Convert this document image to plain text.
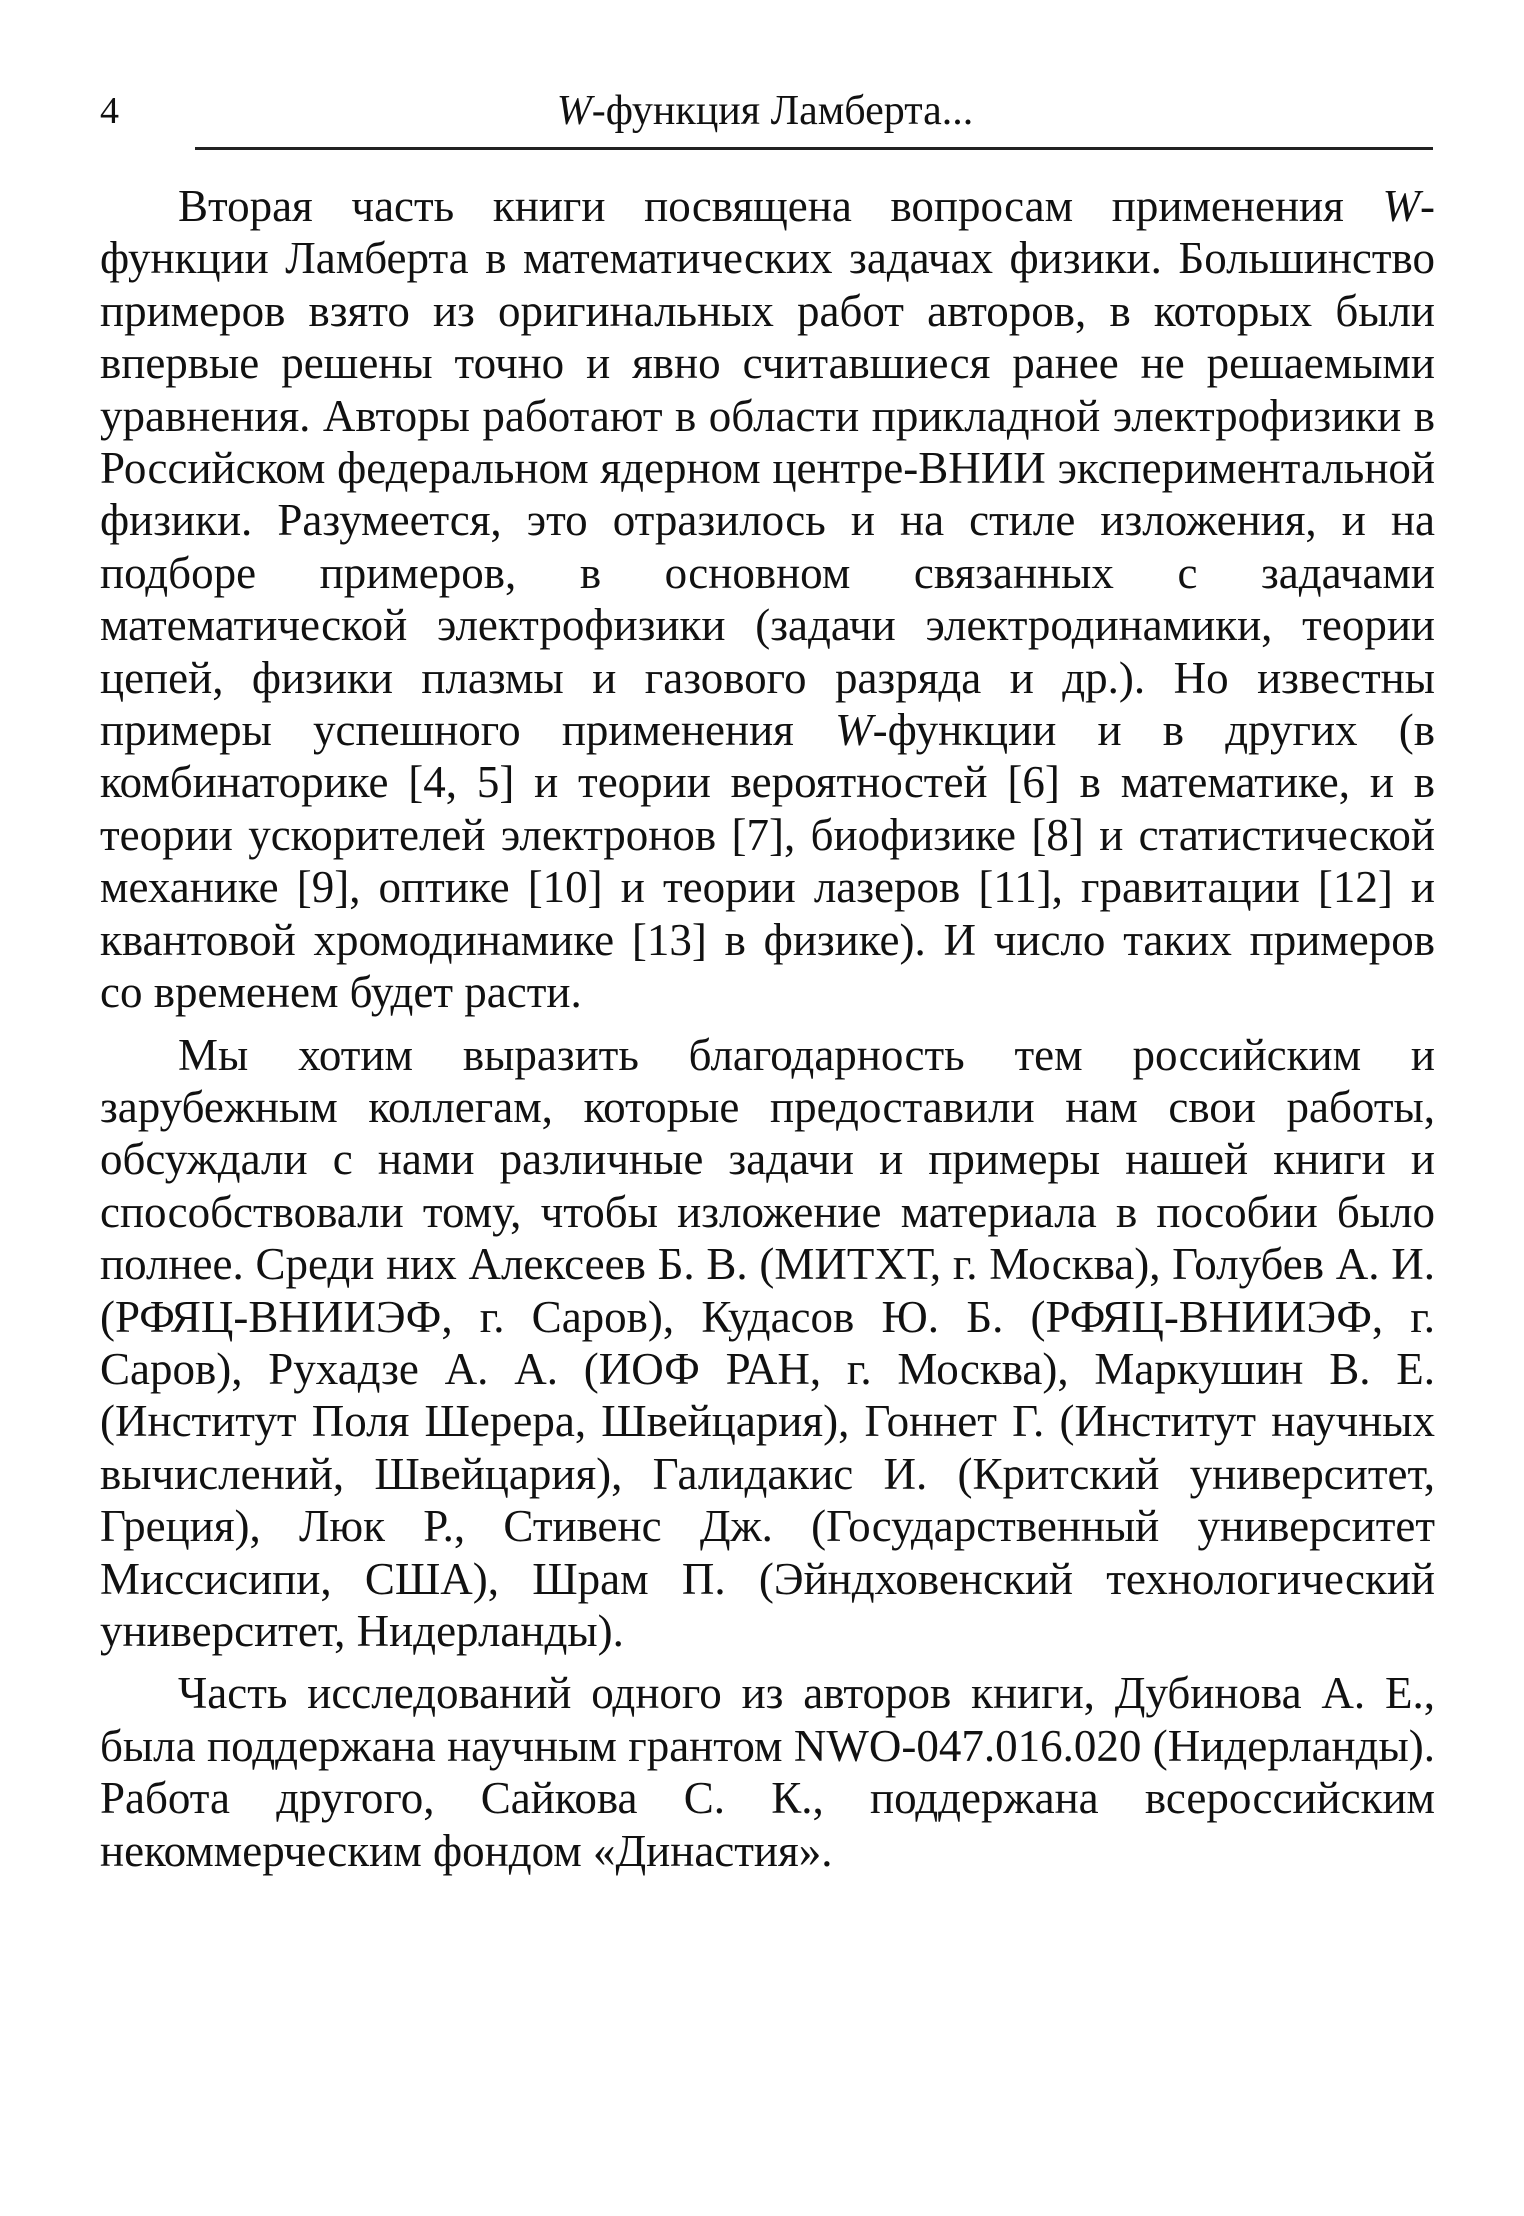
4	W-функция Ламберта...

Вторая часть книги посвящена вопросам применения W-функции Ламберта в математических задачах физики. Большинство примеров взято из оригинальных работ авторов, в которых были впервые решены точно и явно считавшиеся ранее не решаемыми уравнения. Авторы работают в области прикладной электрофизики в Российском федеральном ядерном центре-ВНИИ экспериментальной физики. Разумеется, это отразилось и на стиле изложения, и на подборе примеров, в основном связанных с задачами математической электрофизики (задачи электродинамики, теории цепей, физики плазмы и газового разряда и др.). Но известны примеры успешного применения W-функции и в других (в комбинаторике [4, 5] и теории вероятностей [6] в математике, и в теории ускорителей электронов [7], биофизике [8] и статистической механике [9], оптике [10] и теории лазеров [11], гравитации [12] и квантовой хромодинамике [13] в физике). И число таких примеров со временем будет расти.

Мы хотим выразить благодарность тем российским и зарубежным коллегам, которые предоставили нам свои работы, обсуждали с нами различные задачи и примеры нашей книги и способствовали тому, чтобы изложение материала в пособии было полнее. Среди них Алексеев Б. В. (МИТХТ, г. Москва), Голубев А. И. (РФЯЦ-ВНИИЭФ, г. Саров), Кудасов Ю. Б. (РФЯЦ-ВНИИЭФ, г. Саров), Рухадзе А. А. (ИОФ РАН, г. Москва), Маркушин В. Е. (Институт Поля Шерера, Швейцария), Гоннет Г. (Институт научных вычислений, Швейцария), Галидакис И. (Критский университет, Греция), Люк Р., Стивенс Дж. (Государственный университет Миссисипи, США), Шрам П. (Эйндховенский технологический университет, Нидерланды).

Часть исследований одного из авторов книги, Дубинова А. Е., была поддержана научным грантом NWO-047.016.020 (Нидерланды). Работа другого, Сайкова С. К., поддержана всероссийским некоммерческим фондом «Династия».
